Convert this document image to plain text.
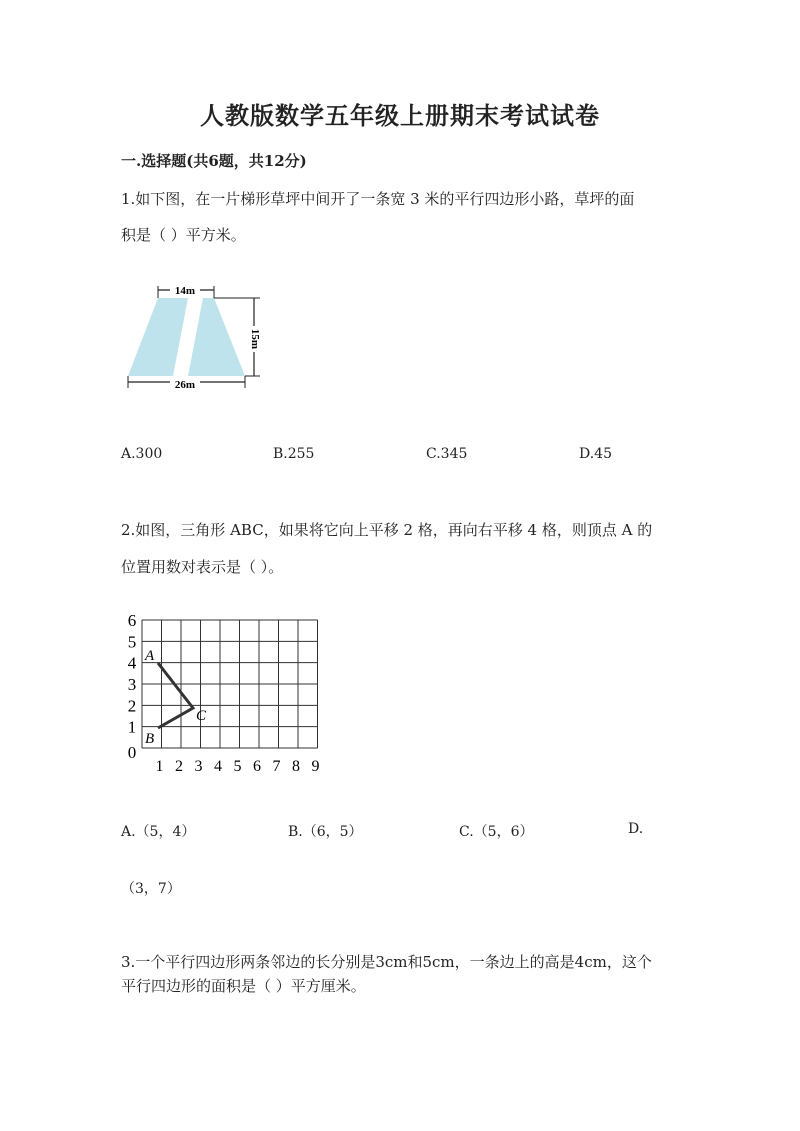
人教版数学五年级上册期末考试试卷
一.选择题(共6题，共12分)
1.如下图，在一片梯形草坪中间开了一条宽 3 米的平行四边形小路，草坪的面
积是（ ）平方米。
14m
15m
26m
A.300	B.255	C.345	D.45
2.如图，三角形 ABC，如果将它向上平移 2 格，再向右平移 4 格，则顶点 A 的
位置用数对表示是（ ）。
6
5
4
3
2
1
0
1 2 3 4 5 6 7 8 9
A
B
C
A.（5，4）	B.（6，5）	C.（5，6）	D.
（3，7）
3.一个平行四边形两条邻边的长分别是3cm和5cm，一条边上的高是4cm，这个
平行四边形的面积是（ ）平方厘米。
